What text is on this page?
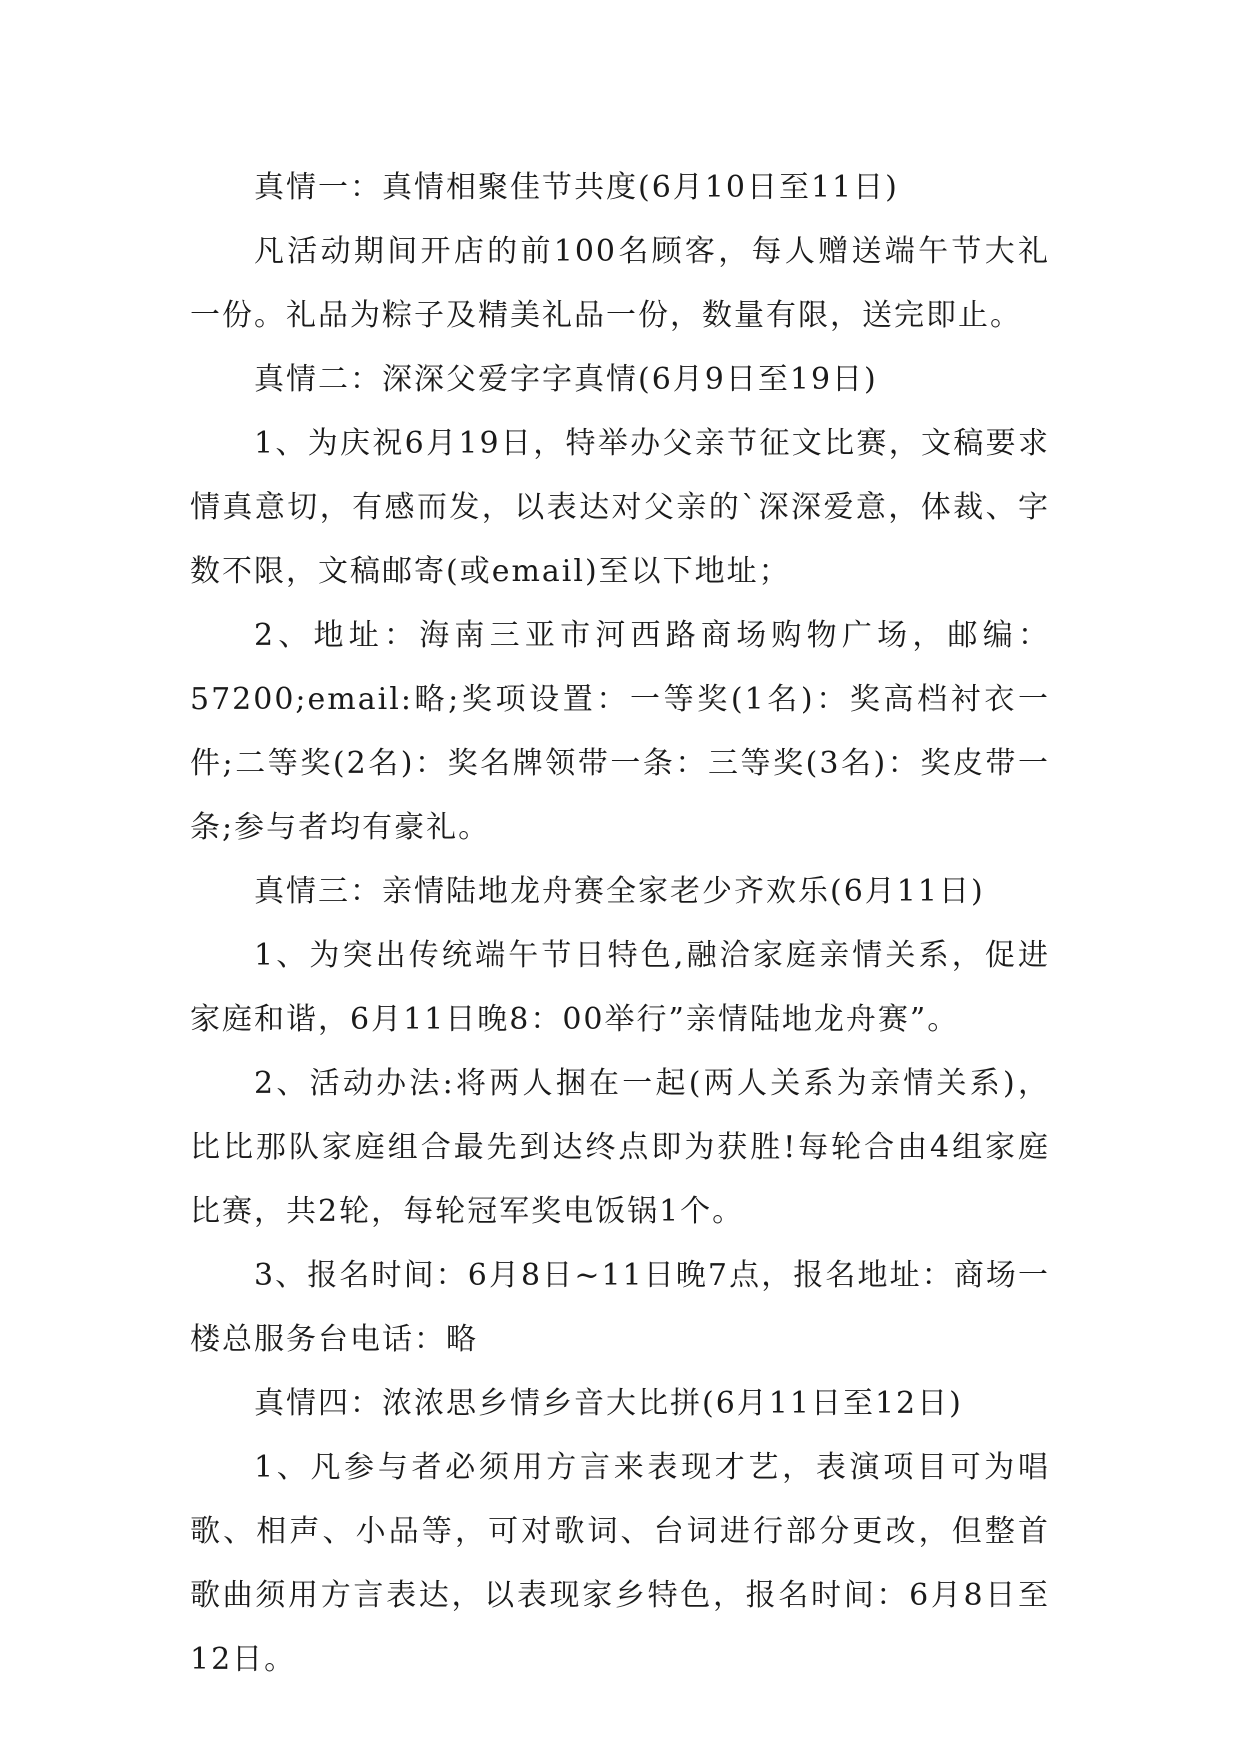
真情一：真情相聚佳节共度(6月10日至11日)

凡活动期间开店的前100名顾客，每人赠送端午节大礼一份。礼品为粽子及精美礼品一份，数量有限，送完即止。

真情二：深深父爱字字真情(6月9日至19日)

1、为庆祝6月19日，特举办父亲节征文比赛，文稿要求情真意切，有感而发，以表达对父亲的`深深爱意，体裁、字数不限，文稿邮寄(或email)至以下地址；

2、地址：海南三亚市河西路商场购物广场，邮编：57200;email:略;奖项设置：一等奖(1名)：奖高档衬衣一件;二等奖(2名)：奖名牌领带一条：三等奖(3名)：奖皮带一条;参与者均有豪礼。

真情三：亲情陆地龙舟赛全家老少齐欢乐(6月11日)

1、为突出传统端午节日特色,融洽家庭亲情关系，促进家庭和谐，6月11日晚8：00举行”亲情陆地龙舟赛”。

2、活动办法:将两人捆在一起(两人关系为亲情关系)，比比那队家庭组合最先到达终点即为获胜!每轮合由4组家庭比赛，共2轮，每轮冠军奖电饭锅1个。

3、报名时间：6月8日~11日晚7点，报名地址：商场一楼总服务台电话：略

真情四：浓浓思乡情乡音大比拼(6月11日至12日)

1、凡参与者必须用方言来表现才艺，表演项目可为唱歌、相声、小品等，可对歌词、台词进行部分更改，但整首歌曲须用方言表达，以表现家乡特色，报名时间：6月8日至12日。
